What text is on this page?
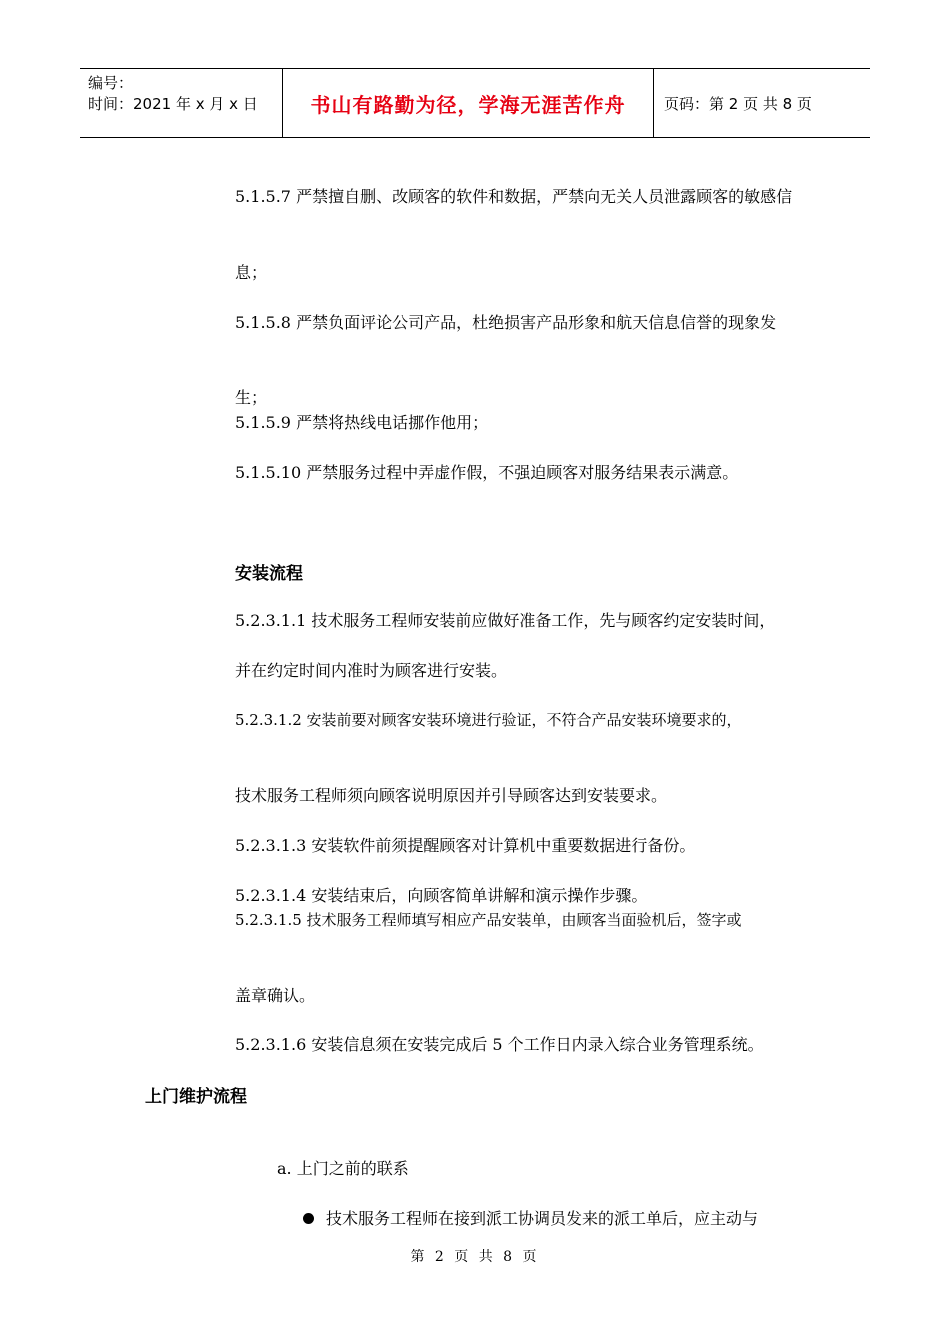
编号：
时间：2021 年 x 月 x 日	书山有路勤为径，学海无涯苦作舟	页码：第 2 页 共 8 页

5.1.5.7 严禁擅自删、改顾客的软件和数据，严禁向无关人员泄露顾客的敏感信

息；

5.1.5.8 严禁负面评论公司产品，杜绝损害产品形象和航天信息信誉的现象发

生；

5.1.5.9 严禁将热线电话挪作他用；

5.1.5.10 严禁服务过程中弄虚作假，不强迫顾客对服务结果表示满意。

安装流程

5.2.3.1.1 技术服务工程师安装前应做好准备工作，先与顾客约定安装时间，

并在约定时间内准时为顾客进行安装。

5.2.3.1.2 安装前要对顾客安装环境进行验证，不符合产品安装环境要求的，

技术服务工程师须向顾客说明原因并引导顾客达到安装要求。

5.2.3.1.3 安装软件前须提醒顾客对计算机中重要数据进行备份。

5.2.3.1.4 安装结束后，向顾客简单讲解和演示操作步骤。

5.2.3.1.5 技术服务工程师填写相应产品安装单，由顾客当面验机后，签字或

盖章确认。

5.2.3.1.6 安装信息须在安装完成后 5 个工作日内录入综合业务管理系统。

上门维护流程

a. 上门之前的联系

技术服务工程师在接到派工协调员发来的派工单后，应主动与
第 2 页 共 8 页
